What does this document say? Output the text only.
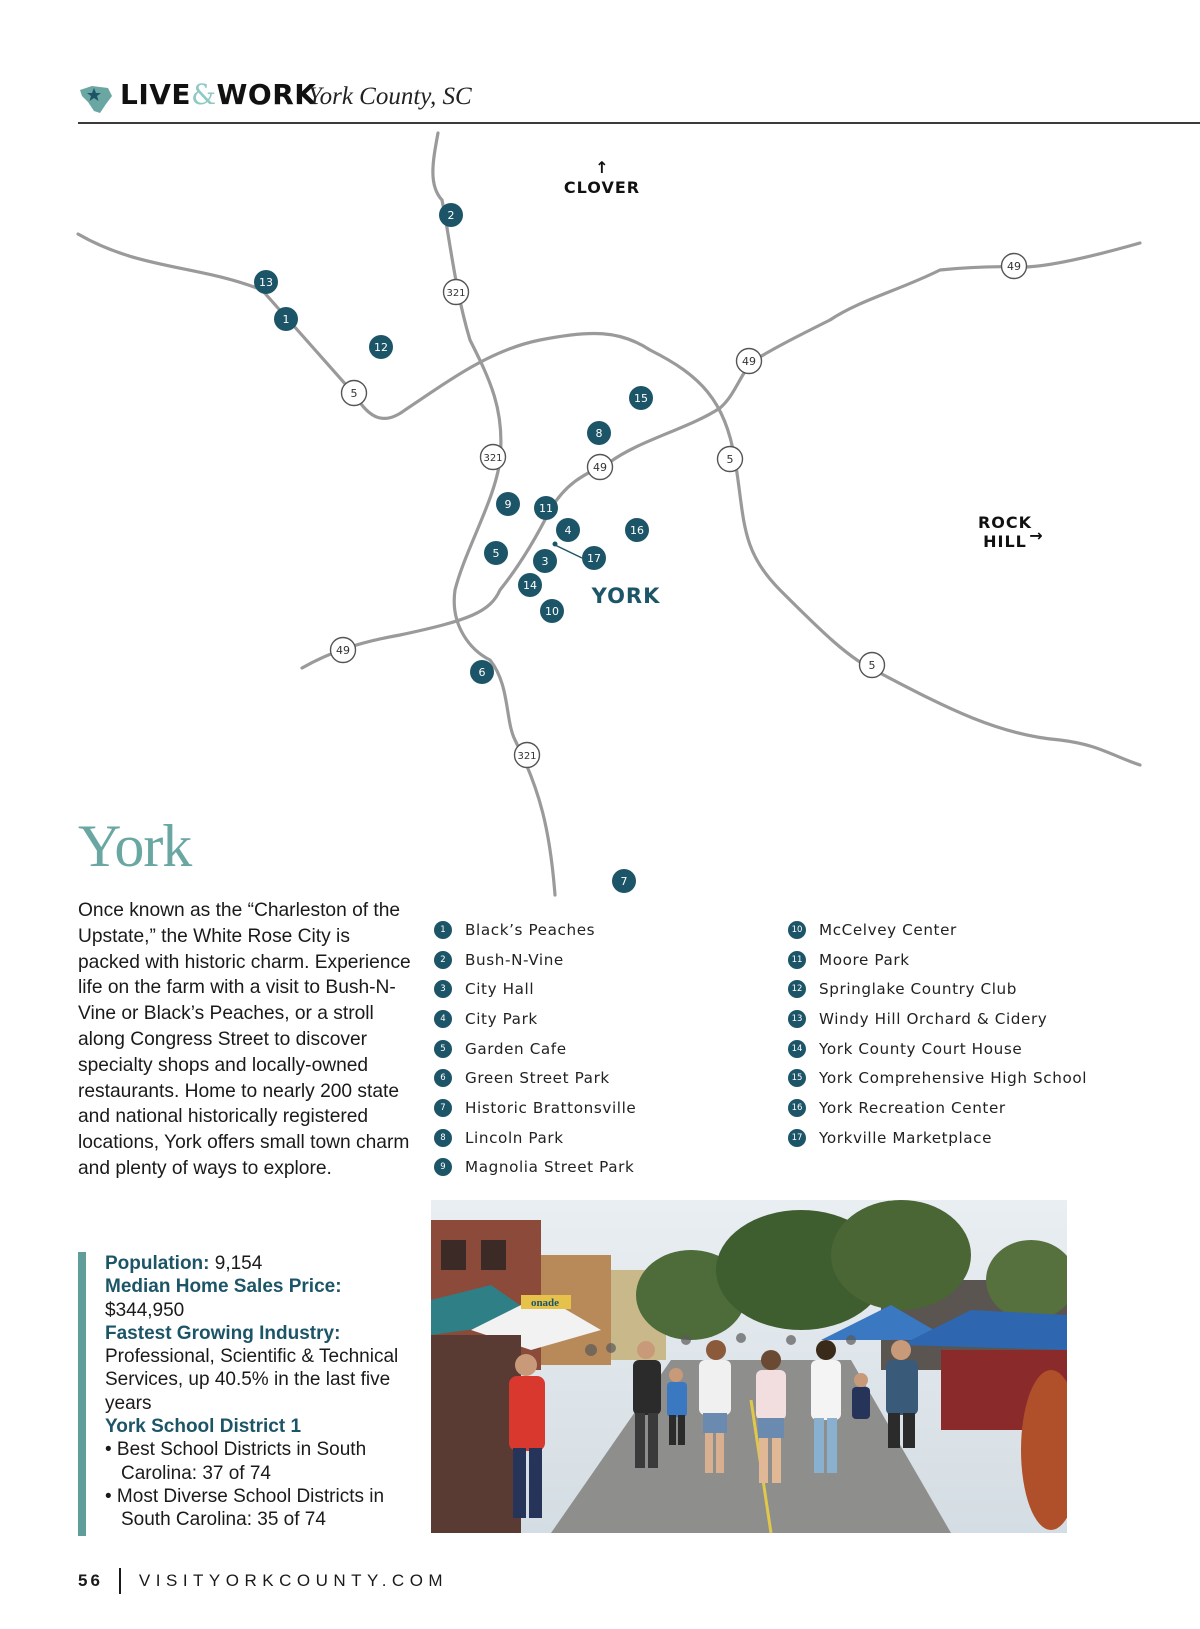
LIVE&WORK
York County, SC
49
321
49
5
321
49
5
5
49
321
2
13
1
12
15
8
9	11
4	16
5
3	17
14
10
6
7
↑
CLOVER
ROCK
HILL →
YORK
York

Once known as the “Charleston of the Upstate,” the White Rose City is packed with historic charm. Experience life on the farm with a visit to Bush-N-Vine or Black’s Peaches, or a stroll along Congress Street to discover specialty shops and locally-owned restaurants. Home to nearly 200 state and national historically registered locations, York offers small town charm and plenty of ways to explore.

1	Black’s Peaches
2	Bush-N-Vine
3	City Hall
4	City Park
5	Garden Cafe
6	Green Street Park
7	Historic Brattonsville
8	Lincoln Park
9	Magnolia Street Park
10 McCelvey Center
11 Moore Park
12 Springlake Country Club
13 Windy Hill Orchard & Cidery
14 York County Court House
15 York Comprehensive High School
16 York Recreation Center
17 Yorkville Marketplace
Population: 9,154
Median Home Sales Price:
$344,950
Fastest Growing Industry:
Professional, Scientific & Technical Services, up 40.5% in the last five years
York School District 1
• Best School Districts in South Carolina: 37 of 74
• Most Diverse School Districts in South Carolina: 35 of 74
onade
56 VISITYORKCOUNTY.COM
